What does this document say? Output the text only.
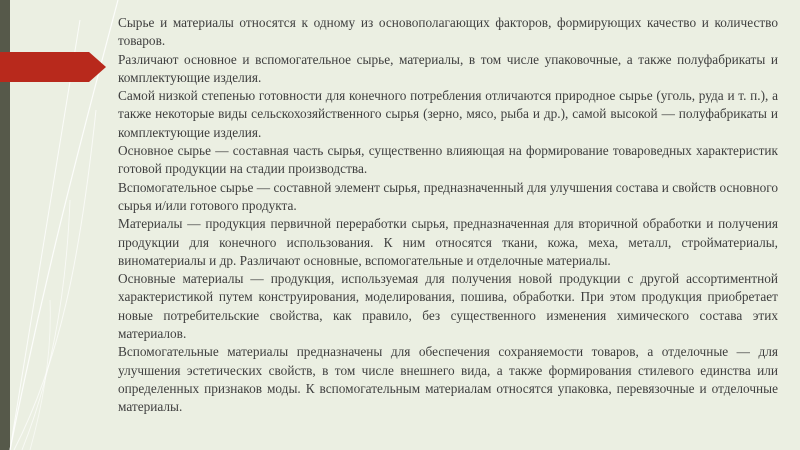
Сырье и материалы относятся к одному из основополагающих факторов, формирующих качество и количество товаров.

Различают основное и вспомогательное сырье, материалы, в том числе упаковочные, а также полуфабрикаты и комплектующие изделия.

Самой низкой степенью готовности для конечного потребления отличаются природное сырье (уголь, руда и т. п.), а также некоторые виды сельскохозяйственного сырья (зерно, мясо, рыба и др.), самой высокой — полуфабрикаты и комплектующие изделия.

Основное сырье — составная часть сырья, существенно влияющая на формирование товароведных характеристик готовой продукции на стадии производства.

Вспомогательное сырье — составной элемент сырья, предназначенный для улучшения состава и свойств основного сырья и/или готового продукта.

Материалы — продукция первичной переработки сырья, предназначенная для вторичной обработки и получения продукции для конечного использования. К ним относятся ткани, кожа, меха, металл, стройматериалы, виноматериалы и др. Различают основные, вспомогательные и отделочные материалы.

Основные материалы — продукция, используемая для получения новой продукции с другой ассортиментной характеристикой путем конструирования, моделирования, пошива, обработки. При этом продукция приобретает новые потребительские свойства, как правило, без существенного изменения химического состава этих материалов.

Вспомогательные материалы предназначены для обеспечения сохраняемости товаров, а отделочные — для улучшения эстетических свойств, в том числе внешнего вида, а также формирования стилевого единства или определенных признаков моды. К вспомогательным материалам относятся упаковка, перевязочные и отделочные материалы.
